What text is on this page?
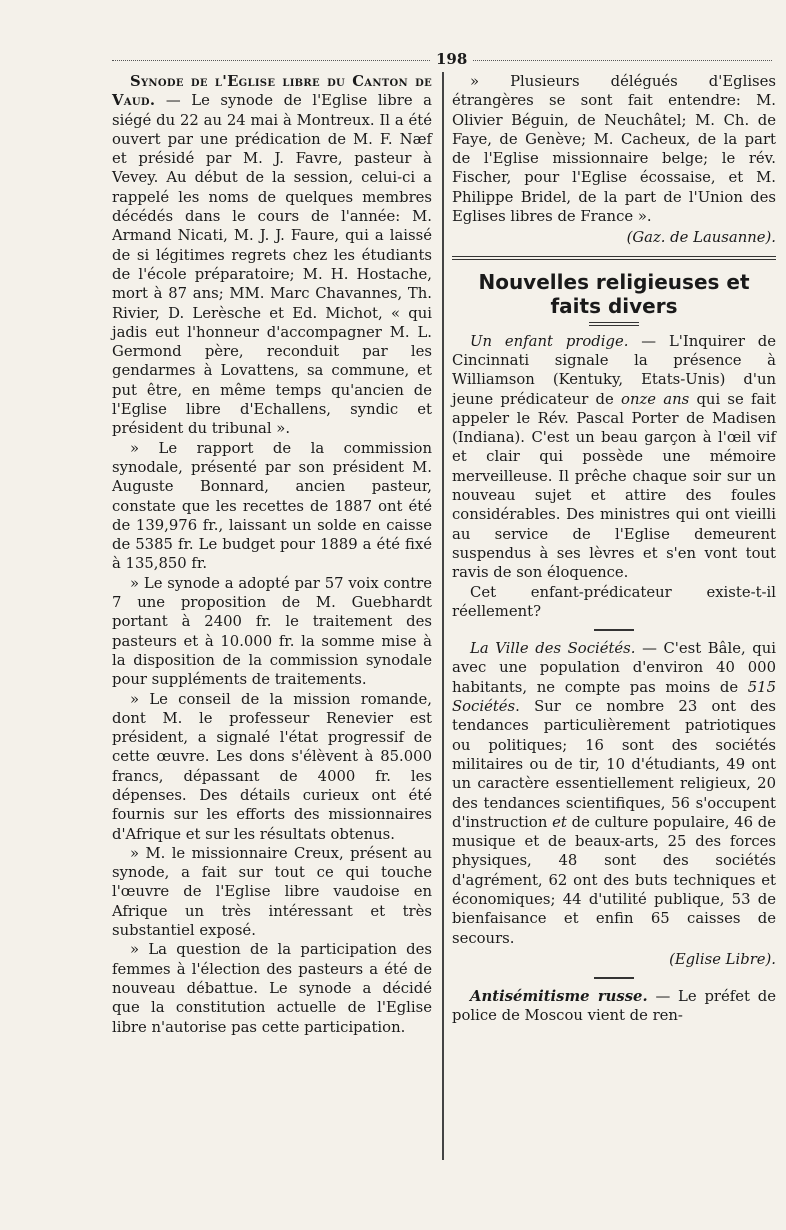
198

Synode de l'Eglise libre du Canton de Vaud. — Le synode de l'Eglise libre a siégé du 22 au 24 mai à Montreux. Il a été ouvert par une prédication de M. F. Næf et présidé par M. J. Favre, pasteur à Vevey. Au début de la session, celui-ci a rappelé les noms de quelques membres décédés dans le cours de l'année: M. Armand Nicati, M. J. J. Faure, qui a laissé de si légitimes regrets chez les étudiants de l'école préparatoire; M. H. Hostache, mort à 87 ans; MM. Marc Chavannes, Th. Rivier, D. Lerèsche et Ed. Michot, « qui jadis eut l'honneur d'accompagner M. L. Germond père, reconduit par les gendarmes à Lovattens, sa commune, et put être, en même temps qu'ancien de l'Eglise libre d'Echallens, syndic et président du tribunal ».

» Le rapport de la commission synodale, présenté par son président M. Auguste Bonnard, ancien pasteur, constate que les recettes de 1887 ont été de 139,976 fr., laissant un solde en caisse de 5385 fr. Le budget pour 1889 a été fixé à 135,850 fr.

» Le synode a adopté par 57 voix contre 7 une proposition de M. Guebhardt portant à 2400 fr. le traitement des pasteurs et à 10.000 fr. la somme mise à la disposition de la commission synodale pour suppléments de traitements.

» Le conseil de la mission romande, dont M. le professeur Renevier est président, a signalé l'état progressif de cette œuvre. Les dons s'élèvent à 85.000 francs, dépassant de 4000 fr. les dépenses. Des détails curieux ont été fournis sur les efforts des missionnaires d'Afrique et sur les résultats obtenus.

» M. le missionnaire Creux, présent au synode, a fait sur tout ce qui touche l'œuvre de l'Eglise libre vaudoise en Afrique un très intéressant et très substantiel exposé.

» La question de la participation des femmes à l'élection des pasteurs a été de nouveau débattue. Le synode a décidé que la constitution actuelle de l'Eglise libre n'autorise pas cette participation.

» Plusieurs délégués d'Eglises étrangères se sont fait entendre: M. Olivier Béguin, de Neuchâtel; M. Ch. de Faye, de Genève; M. Cacheux, de la part de l'Eglise missionnaire belge; le rév. Fischer, pour l'Eglise écossaise, et M. Philippe Bridel, de la part de l'Union des Eglises libres de France ».

(Gaz. de Lausanne).

Nouvelles religieuses et faits divers

Un enfant prodige. — L'Inquirer de Cincinnati signale la présence à Williamson (Kentuky, Etats-Unis) d'un jeune prédicateur de onze ans qui se fait appeler le Rév. Pascal Porter de Madisen (Indiana). C'est un beau garçon à l'œil vif et clair qui possède une mémoire merveilleuse. Il prêche chaque soir sur un nouveau sujet et attire des foules considérables. Des ministres qui ont vieilli au service de l'Eglise demeurent suspendus à ses lèvres et s'en vont tout ravis de son éloquence.

Cet enfant-prédicateur existe-t-il réellement?

La Ville des Sociétés. — C'est Bâle, qui avec une population d'environ 40 000 habitants, ne compte pas moins de 515 Sociétés. Sur ce nombre 23 ont des tendances particulièrement patriotiques ou politiques; 16 sont des sociétés militaires ou de tir, 10 d'étudiants, 49 ont un caractère essentiellement religieux, 20 des tendances scientifiques, 56 s'occupent d'instruction et de culture populaire, 46 de musique et de beaux-arts, 25 des forces physiques, 48 sont des sociétés d'agrément, 62 ont des buts techniques et économiques; 44 d'utilité publique, 53 de bienfaisance et enfin 65 caisses de secours.

(Eglise Libre).

Antisémitisme russe. — Le préfet de police de Moscou vient de ren-
